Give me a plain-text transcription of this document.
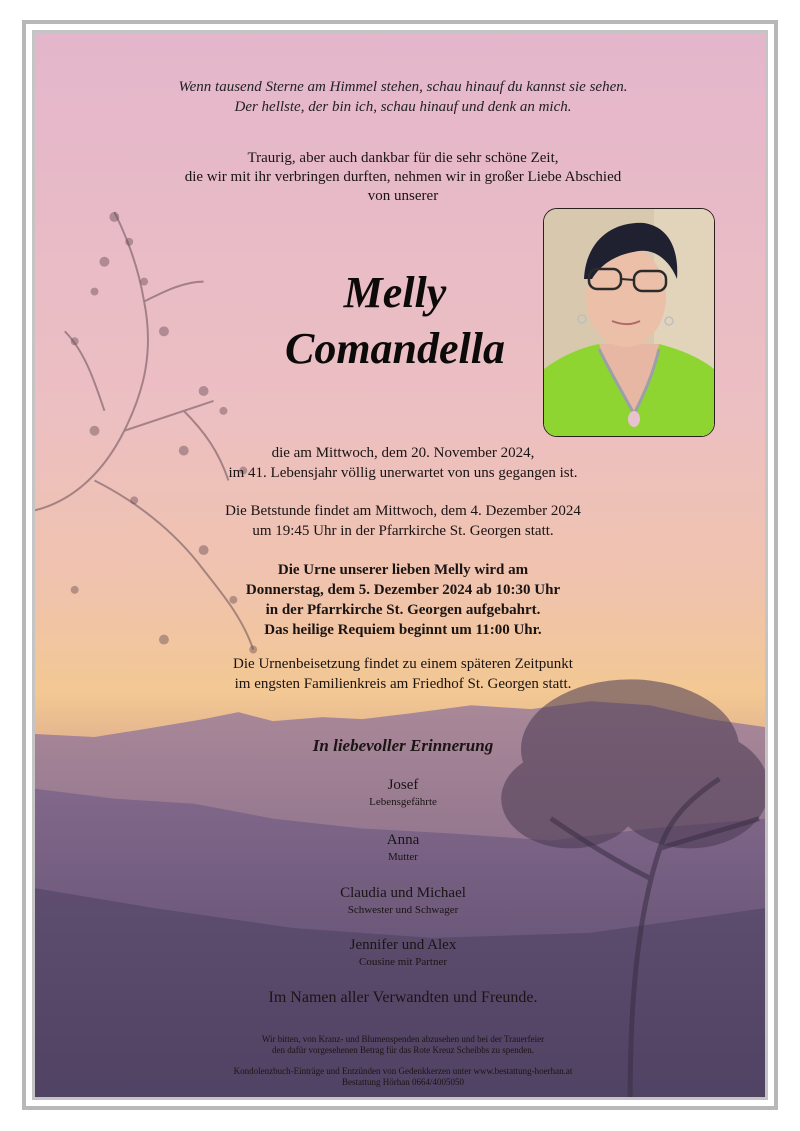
Wenn tausend Sterne am Himmel stehen, schau hinauf du kannst sie sehen.
Der hellste, der bin ich, schau hinauf und denk an mich.
Traurig, aber auch dankbar für die sehr schöne Zeit,
die wir mit ihr verbringen durften, nehmen wir in großer Liebe Abschied
von unserer
Melly
Comandella
die am Mittwoch, dem 20. November 2024,
im 41. Lebensjahr völlig unerwartet von uns gegangen ist.
Die Betstunde findet am Mittwoch, dem 4. Dezember 2024
um 19:45 Uhr in der Pfarrkirche St. Georgen statt.
Die Urne unserer lieben Melly wird am
Donnerstag, dem 5. Dezember 2024 ab 10:30 Uhr
in der Pfarrkirche St. Georgen aufgebahrt.
Das heilige Requiem beginnt um 11:00 Uhr.
Die Urnenbeisetzung findet zu einem späteren Zeitpunkt
im engsten Familienkreis am Friedhof St. Georgen statt.
In liebevoller Erinnerung
Josef
Lebensgefährte
Anna
Mutter
Claudia und Michael
Schwester und Schwager
Jennifer und Alex
Cousine mit Partner
Im Namen aller Verwandten und Freunde.
Wir bitten, von Kranz- und Blumenspenden abzusehen und bei der Trauerfeier
den dafür vorgesehenen Betrag für das Rote Kreuz Scheibbs zu spenden.
Kondolenzbuch-Einträge und Entzünden von Gedenkkerzen unter www.bestattung-hoerhan.at
Bestattung Hörhan 0664/4005050
